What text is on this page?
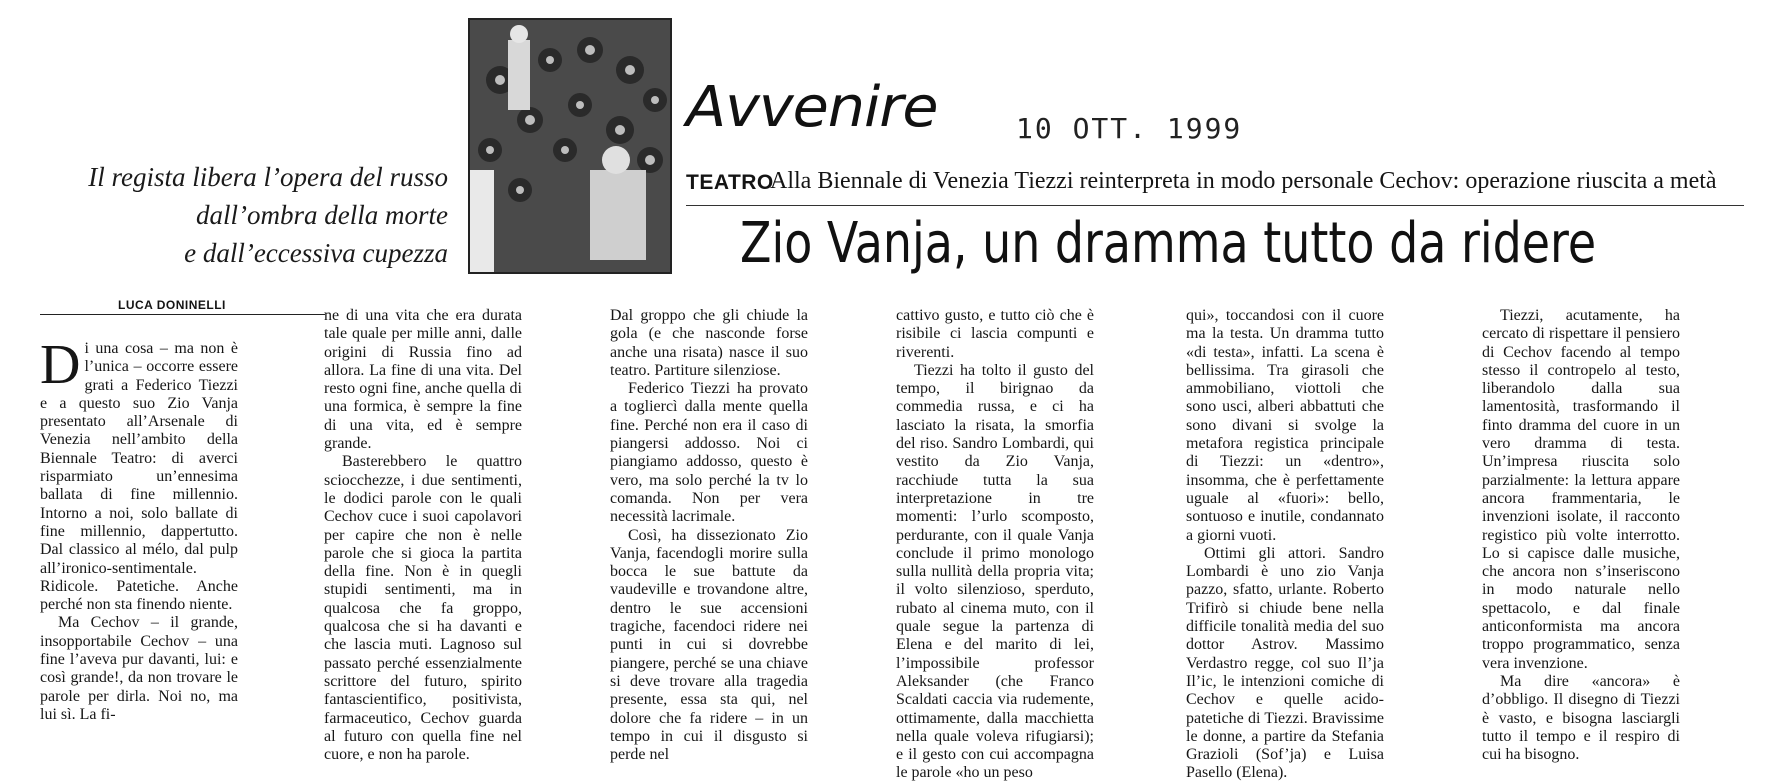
Avvenire	10 OTT. 1999
Il regista libera l’opera del russo
dall’ombra della morte
e dall’eccessiva cupezza
TEATRO
Alla Biennale di Venezia Tiezzi reinterpreta in modo personale Cechov: operazione riuscita a metà
Zio Vanja, un dramma tutto da ridere
LUCA DONINELLI

Di una cosa – ma non è l’unica – occorre essere grati a Federico Tiezzi e a questo suo Zio Vanja presentato all’Arsenale di Venezia nell’ambito della Biennale Teatro: di averci risparmiato un’ennesima ballata di fine millennio. Intorno a noi, solo ballate di fine millennio, dappertutto. Dal classico al mélo, dal pulp all’ironico-sentimentale. Ridicole. Patetiche. Anche perché non sta finendo niente.

Ma Cechov – il grande, insopportabile Cechov – una fine l’aveva pur davanti, lui: e così grande!, da non trovare le parole per dirla. Noi no, ma lui sì. La fi-

ne di una vita che era durata tale quale per mille anni, dalle origini di Russia fino ad allora. La fine di una vita. Del resto ogni fine, anche quella di una formica, è sempre la fine di una vita, ed è sempre grande.

Basterebbero le quattro sciocchezze, i due sentimenti, le dodici parole con le quali Cechov cuce i suoi capolavori per capire che non è nelle parole che si gioca la partita della fine. Non è in quegli stupidi sentimenti, ma in qualcosa che fa groppo, qualcosa che si ha davanti e che lascia muti. Lagnoso sul passato perché essenzialmente scrittore del futuro, spirito fantascientifico, positivista, farmaceutico, Cechov guarda al futuro con quella fine nel cuore, e non ha parole.

Dal groppo che gli chiude la gola (e che nasconde forse anche una risata) nasce il suo teatro. Partiture silenziose.

Federico Tiezzi ha provato a togliercì dalla mente quella fine. Perché non era il caso di piangersi addosso. Noi ci piangiamo addosso, questo è vero, ma solo perché la tv lo comanda. Non per vera necessità lacrimale.

Così, ha dissezionato Zio Vanja, facendogli morire sulla bocca le sue battute da vaudeville e trovandone altre, dentro le sue accensioni tragiche, facendoci ridere nei punti in cui si dovrebbe piangere, perché se una chiave si deve trovare alla tragedia presente, essa sta qui, nel dolore che fa ridere – in un tempo in cui il disgusto si perde nel

cattivo gusto, e tutto ciò che è risibile ci lascia compunti e riverenti.

Tiezzi ha tolto il gusto del tempo, il birignao da commedia russa, e ci ha lasciato la risata, la smorfia del riso. Sandro Lombardi, qui vestito da Zio Vanja, racchiude tutta la sua interpretazione in tre momenti: l’urlo scomposto, perdurante, con il quale Vanja conclude il primo monologo sulla nullità della propria vita; il volto silenzioso, sperduto, rubato al cinema muto, con il quale segue la partenza di Elena e del marito di lei, l’impossibile professor Aleksander (che Franco Scaldati caccia via rudemente, ottimamente, dalla macchietta nella quale voleva rifugiarsi); e il gesto con cui accompagna le parole «ho un peso

qui», toccandosi con il cuore ma la testa. Un dramma tutto «di testa», infatti. La scena è bellissima. Tra girasoli che ammobiliano, viottoli che sono usci, alberi abbattuti che sono divani si svolge la metafora registica principale di Tiezzi: un «dentro», insomma, che è perfettamente uguale al «fuori»: bello, sontuoso e inutile, condannato a giorni vuoti.

Ottimi gli attori. Sandro Lombardi è uno zio Vanja pazzo, sfatto, urlante. Roberto Trifirò si chiude bene nella difficile tonalità media del suo dottor Astrov. Massimo Verdastro regge, col suo Il’ja Il’ic, le intenzioni comiche di Cechov e quelle acido-patetiche di Tiezzi. Bravissime le donne, a partire da Stefania Grazioli (Sof’ja) e Luisa Pasello (Elena).

Tiezzi, acutamente, ha cercato di rispettare il pensiero di Cechov facendo al tempo stesso il contropelo al testo, liberandolo dalla sua lamentosità, trasformando il finto dramma del cuore in un vero dramma di testa. Un’impresa riuscita solo parzialmente: la lettura appare ancora frammentaria, le invenzioni isolate, il racconto registico più volte interrotto. Lo si capisce dalle musiche, che ancora non s’inseriscono in modo naturale nello spettacolo, e dal finale anticonformista ma ancora troppo programmatico, senza vera invenzione.

Ma dire «ancora» è d’obbligo. Il disegno di Tiezzi è vasto, e bisogna lasciargli tutto il tempo e il respiro di cui ha bisogno.
